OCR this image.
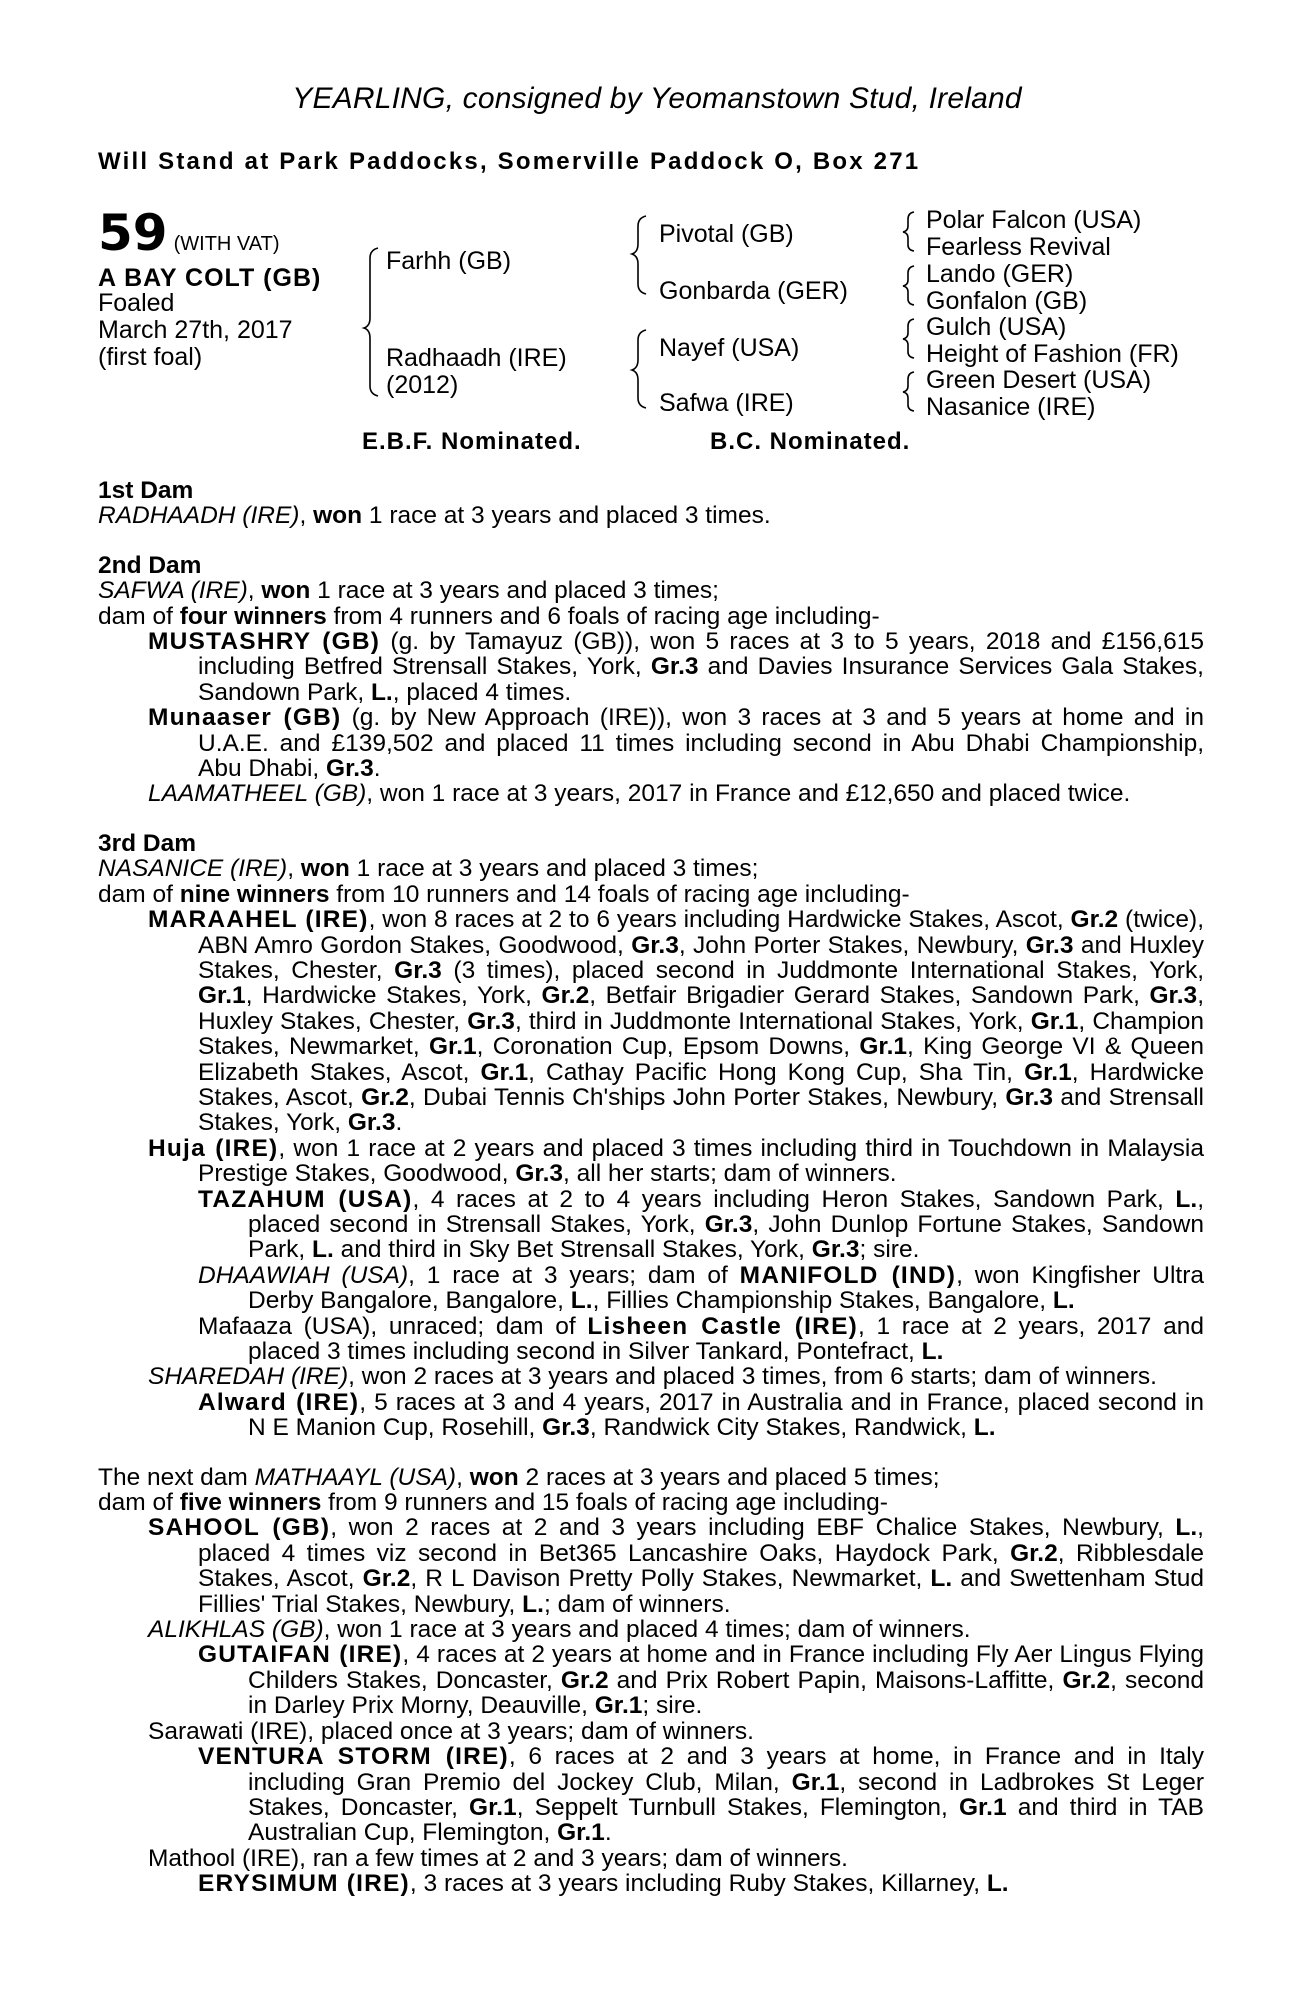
YEARLING, consigned by Yeomanstown Stud, Ireland
Will Stand at Park Paddocks, Somerville Paddock O, Box 271
59 (WITH VAT)
A BAY COLT (GB)
Foaled
March 27th, 2017
(first foal)
Farhh (GB)
Radhaadh (IRE)
(2012)
Pivotal (GB)
Gonbarda (GER)
Nayef (USA)
Safwa (IRE)
Polar Falcon (USA)
Fearless Revival
Lando (GER)
Gonfalon (GB)
Gulch (USA)
Height of Fashion (FR)
Green Desert (USA)
Nasanice (IRE)
E.B.F. Nominated.	B.C. Nominated.
1st Dam

RADHAADH (IRE), won 1 race at 3 years and placed 3 times.

2nd Dam

SAFWA (IRE), won 1 race at 3 years and placed 3 times;

dam of four winners from 4 runners and 6 foals of racing age including-

MUSTASHRY (GB) (g. by Tamayuz (GB)), won 5 races at 3 to 5 years, 2018 and £156,615 including Betfred Strensall Stakes, York, Gr.3 and Davies Insurance Services Gala Stakes, Sandown Park, L., placed 4 times.

Munaaser (GB) (g. by New Approach (IRE)), won 3 races at 3 and 5 years at home and in U.A.E. and £139,502 and placed 11 times including second in Abu Dhabi Championship, Abu Dhabi, Gr.3.

LAAMATHEEL (GB), won 1 race at 3 years, 2017 in France and £12,650 and placed twice.

3rd Dam

NASANICE (IRE), won 1 race at 3 years and placed 3 times;

dam of nine winners from 10 runners and 14 foals of racing age including-

MARAAHEL (IRE), won 8 races at 2 to 6 years including Hardwicke Stakes, Ascot, Gr.2 (twice), ABN Amro Gordon Stakes, Goodwood, Gr.3, John Porter Stakes, Newbury, Gr.3 and Huxley Stakes, Chester, Gr.3 (3 times), placed second in Juddmonte International Stakes, York, Gr.1, Hardwicke Stakes, York, Gr.2, Betfair Brigadier Gerard Stakes, Sandown Park, Gr.3, Huxley Stakes, Chester, Gr.3, third in Juddmonte International Stakes, York, Gr.1, Champion Stakes, Newmarket, Gr.1, Coronation Cup, Epsom Downs, Gr.1, King George VI & Queen Elizabeth Stakes, Ascot, Gr.1, Cathay Pacific Hong Kong Cup, Sha Tin, Gr.1, Hardwicke Stakes, Ascot, Gr.2, Dubai Tennis Ch'ships John Porter Stakes, Newbury, Gr.3 and Strensall Stakes, York, Gr.3.

Huja (IRE), won 1 race at 2 years and placed 3 times including third in Touchdown in Malaysia Prestige Stakes, Goodwood, Gr.3, all her starts; dam of winners.

TAZAHUM (USA), 4 races at 2 to 4 years including Heron Stakes, Sandown Park, L., placed second in Strensall Stakes, York, Gr.3, John Dunlop Fortune Stakes, Sandown Park, L. and third in Sky Bet Strensall Stakes, York, Gr.3; sire.

DHAAWIAH (USA), 1 race at 3 years; dam of MANIFOLD (IND), won Kingfisher Ultra Derby Bangalore, Bangalore, L., Fillies Championship Stakes, Bangalore, L.

Mafaaza (USA), unraced; dam of Lisheen Castle (IRE), 1 race at 2 years, 2017 and placed 3 times including second in Silver Tankard, Pontefract, L.

SHAREDAH (IRE), won 2 races at 3 years and placed 3 times, from 6 starts; dam of winners.

Alward (IRE), 5 races at 3 and 4 years, 2017 in Australia and in France, placed second in N E Manion Cup, Rosehill, Gr.3, Randwick City Stakes, Randwick, L.

The next dam MATHAAYL (USA), won 2 races at 3 years and placed 5 times;

dam of five winners from 9 runners and 15 foals of racing age including-

SAHOOL (GB), won 2 races at 2 and 3 years including EBF Chalice Stakes, Newbury, L., placed 4 times viz second in Bet365 Lancashire Oaks, Haydock Park, Gr.2, Ribblesdale Stakes, Ascot, Gr.2, R L Davison Pretty Polly Stakes, Newmarket, L. and Swettenham Stud Fillies' Trial Stakes, Newbury, L.; dam of winners.

ALIKHLAS (GB), won 1 race at 3 years and placed 4 times; dam of winners.

GUTAIFAN (IRE), 4 races at 2 years at home and in France including Fly Aer Lingus Flying Childers Stakes, Doncaster, Gr.2 and Prix Robert Papin, Maisons-Laffitte, Gr.2, second in Darley Prix Morny, Deauville, Gr.1; sire.

Sarawati (IRE), placed once at 3 years; dam of winners.

VENTURA STORM (IRE), 6 races at 2 and 3 years at home, in France and in Italy including Gran Premio del Jockey Club, Milan, Gr.1, second in Ladbrokes St Leger Stakes, Doncaster, Gr.1, Seppelt Turnbull Stakes, Flemington, Gr.1 and third in TAB Australian Cup, Flemington, Gr.1.

Mathool (IRE), ran a few times at 2 and 3 years; dam of winners.

ERYSIMUM (IRE), 3 races at 3 years including Ruby Stakes, Killarney, L.
